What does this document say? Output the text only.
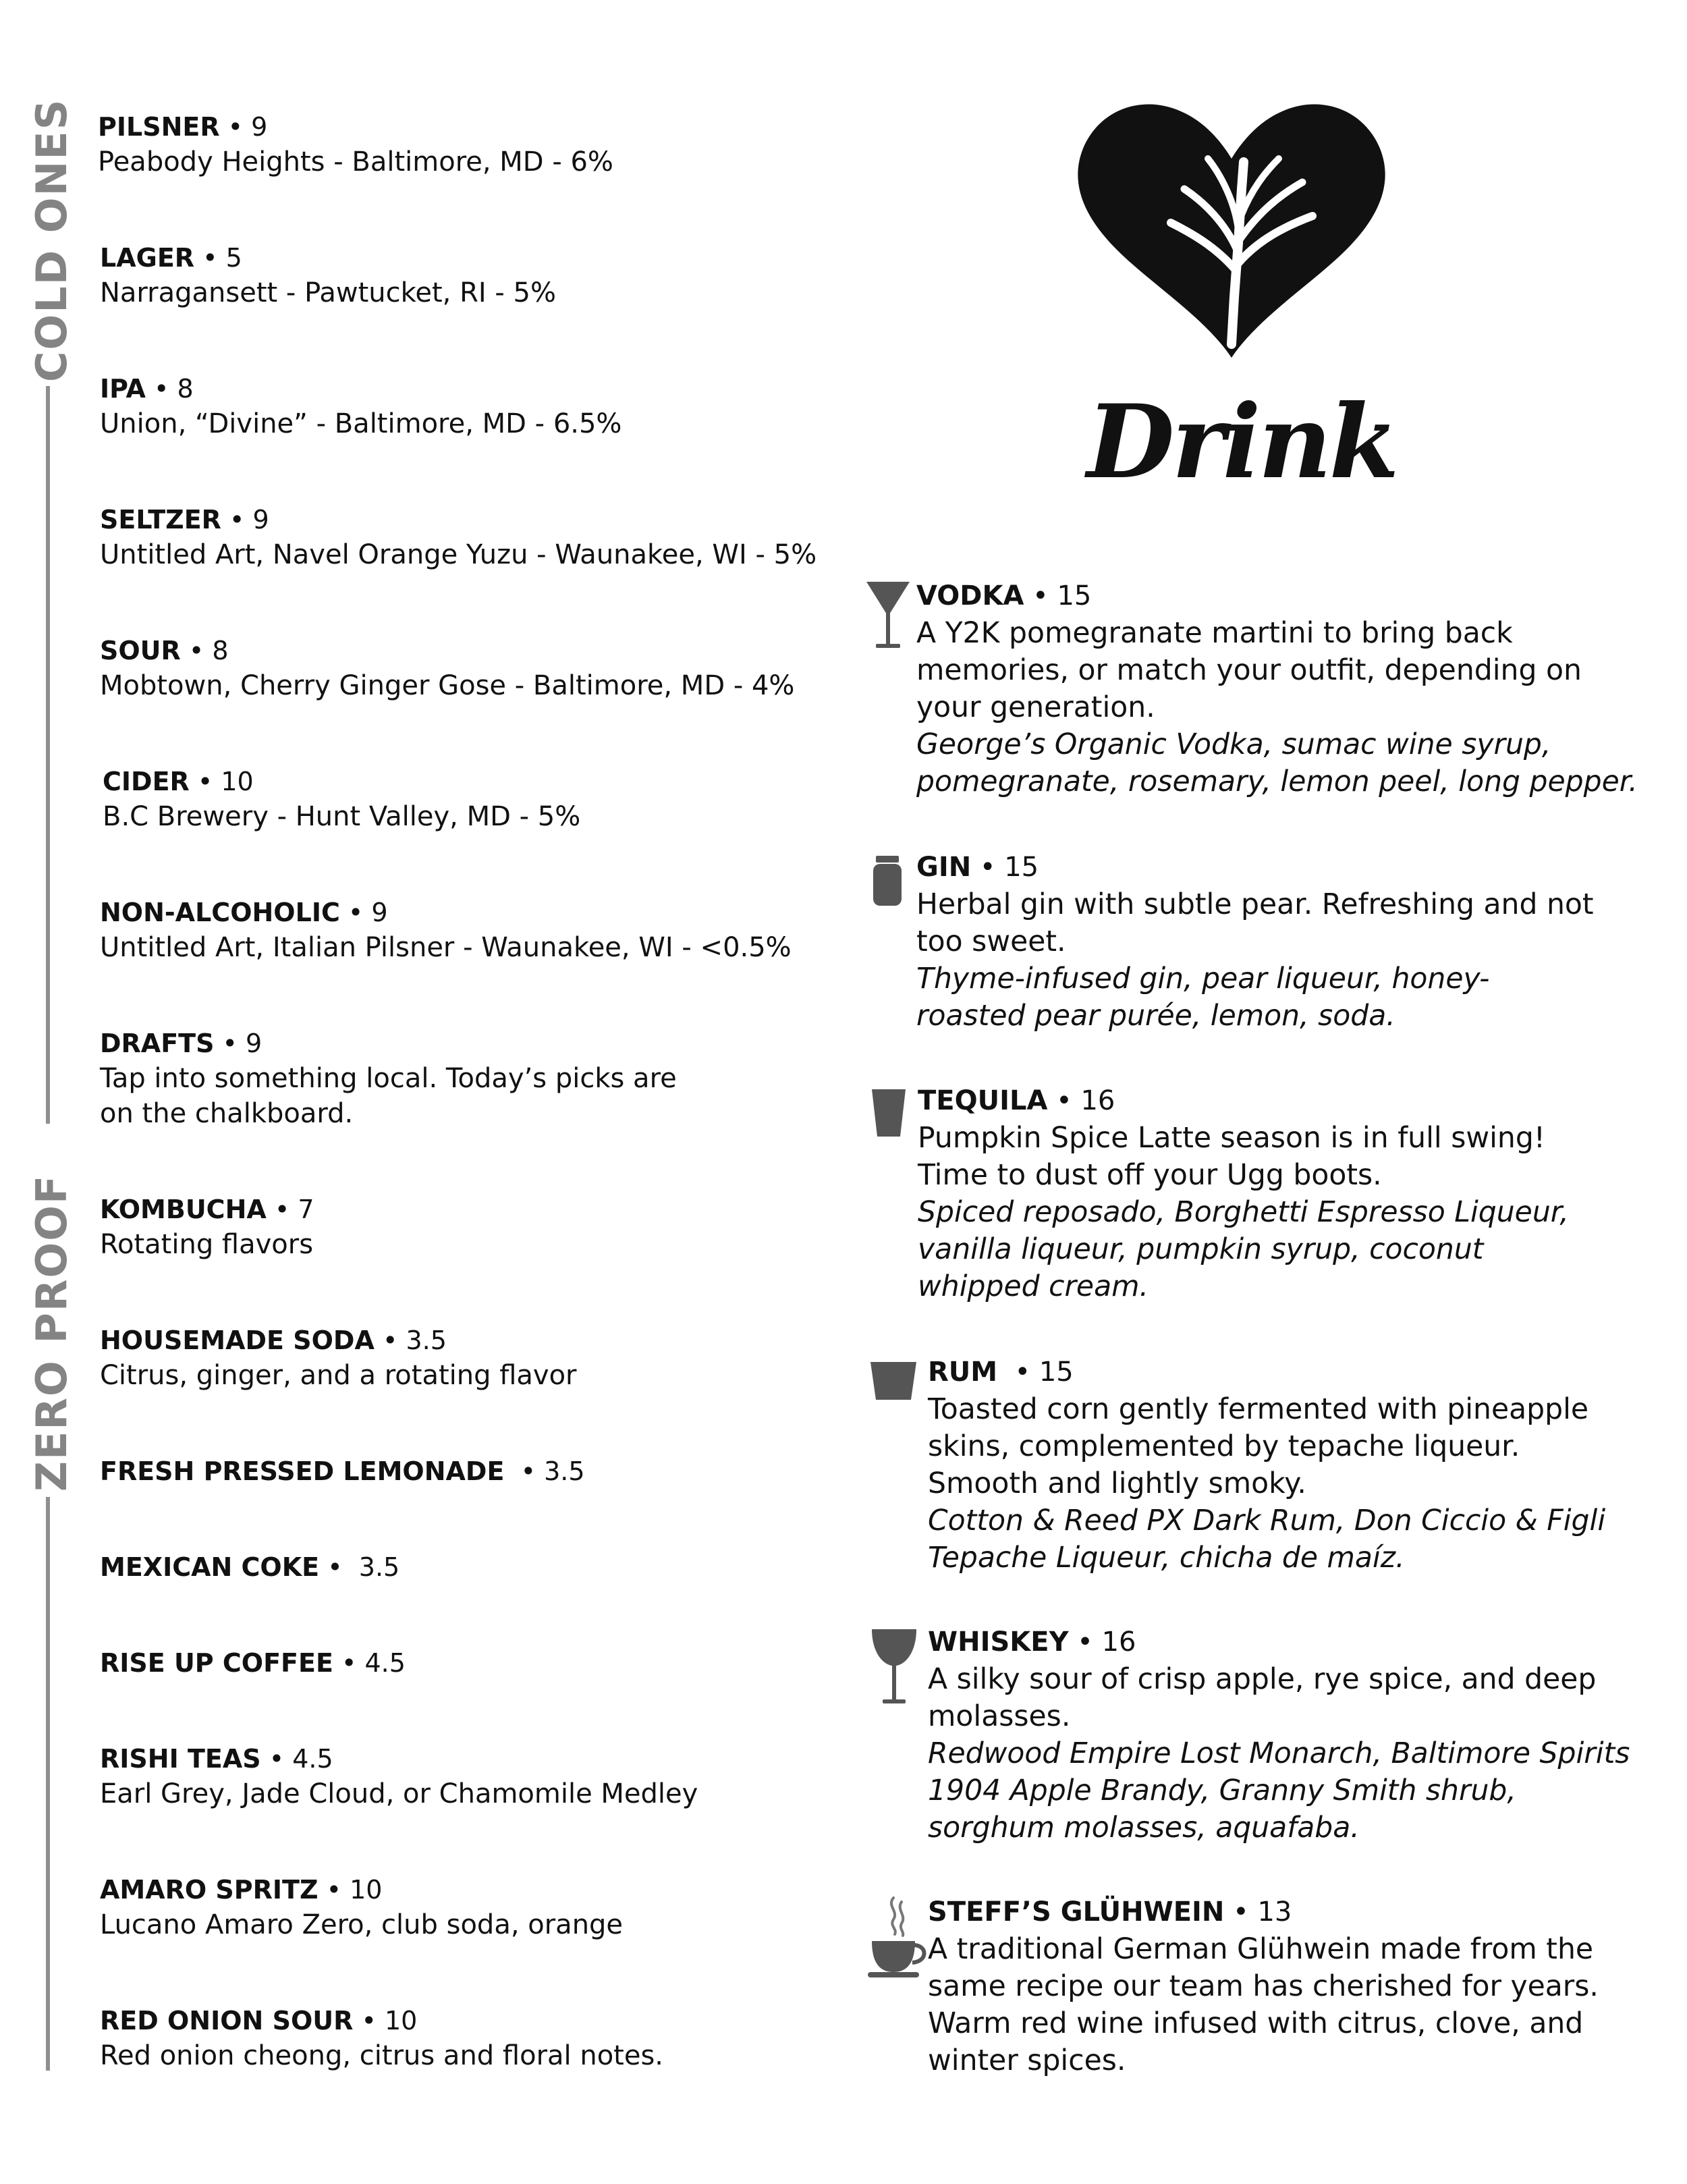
COLD ONES
ZERO PROOF
PILSNER • 9
Peabody Heights - Baltimore, MD - 6%
LAGER • 5
Narragansett - Pawtucket, RI - 5%
IPA • 8
Union, “Divine” - Baltimore, MD - 6.5%
SELTZER • 9
Untitled Art, Navel Orange Yuzu - Waunakee, WI - 5%
SOUR • 8
Mobtown, Cherry Ginger Gose - Baltimore, MD - 4%
CIDER • 10
B.C Brewery - Hunt Valley, MD - 5%
NON-ALCOHOLIC • 9
Untitled Art, Italian Pilsner - Waunakee, WI - <0.5%
DRAFTS • 9
Tap into something local. Today’s picks are
on the chalkboard.
KOMBUCHA • 7
Rotating flavors
HOUSEMADE SODA • 3.5
Citrus, ginger, and a rotating flavor
FRESH PRESSED LEMONADE  • 3.5
MEXICAN COKE •  3.5
RISE UP COFFEE • 4.5
RISHI TEAS • 4.5
Earl Grey, Jade Cloud, or Chamomile Medley
AMARO SPRITZ • 10
Lucano Amaro Zero, club soda, orange
RED ONION SOUR • 10
Red onion cheong, citrus and floral notes.
Drink
VODKA • 15
A Y2K pomegranate martini to bring back
memories, or match your outfit, depending on
your generation.
George’s Organic Vodka, sumac wine syrup,
pomegranate, rosemary, lemon peel, long pepper.
GIN • 15
Herbal gin with subtle pear. Refreshing and not
too sweet.
Thyme-infused gin, pear liqueur, honey-
roasted pear purée, lemon, soda.
TEQUILA • 16
Pumpkin Spice Latte season is in full swing!
Time to dust off your Ugg boots.
Spiced reposado, Borghetti Espresso Liqueur,
vanilla liqueur, pumpkin syrup, coconut
whipped cream.
RUM  • 15
Toasted corn gently fermented with pineapple
skins, complemented by tepache liqueur.
Smooth and lightly smoky.
Cotton & Reed PX Dark Rum, Don Ciccio & Figli
Tepache Liqueur, chicha de maíz.
WHISKEY • 16
A silky sour of crisp apple, rye spice, and deep
molasses.
Redwood Empire Lost Monarch, Baltimore Spirits
1904 Apple Brandy, Granny Smith shrub,
sorghum molasses, aquafaba.
STEFF’S GLÜHWEIN • 13
A traditional German Glühwein made from the
same recipe our team has cherished for years.
Warm red wine infused with citrus, clove, and
winter spices.
